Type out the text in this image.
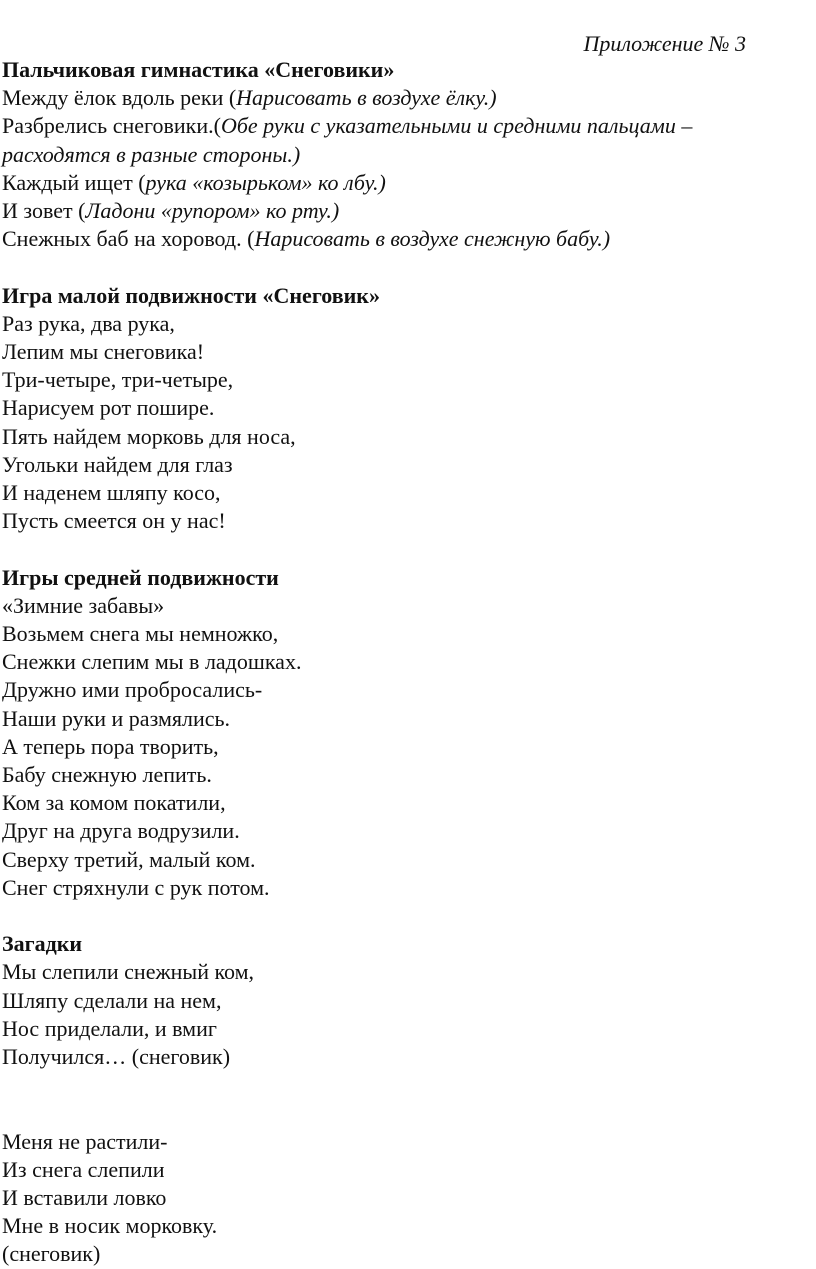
Приложение № 3
Пальчиковая гимнастика «Снеговики»
Между ёлок вдоль реки (Нарисовать в воздухе ёлку.)
Разбрелись снеговики.(Обе руки с указательными и средними пальцами – расходятся в разные стороны.)
Каждый ищет (рука «козырьком» ко лбу.)
И зовет (Ладони «рупором» ко рту.)
Снежных баб на хоровод. (Нарисовать в воздухе снежную бабу.)
Игра малой подвижности «Снеговик»
Раз рука, два рука,
Лепим мы снеговика!
Три-четыре, три-четыре,
Нарисуем рот пошире.
Пять найдем морковь для носа,
Угольки найдем для глаз
И наденем шляпу косо,
Пусть смеется он у нас!
Игры средней подвижности
«Зимние забавы»
Возьмем снега мы немножко,
Снежки слепим мы в ладошках.
Дружно ими пробросались-
Наши руки и размялись.
А теперь пора творить,
Бабу снежную лепить.
Ком за комом покатили,
Друг на друга водрузили.
Сверху третий, малый ком.
Снег стряхнули с рук потом.
Загадки
Мы слепили снежный ком,
Шляпу сделали на нем,
Нос приделали, и вмиг
Получился… (снеговик)
Меня не растили-
Из снега слепили
И вставили ловко
Мне в носик морковку.
(снеговик)
